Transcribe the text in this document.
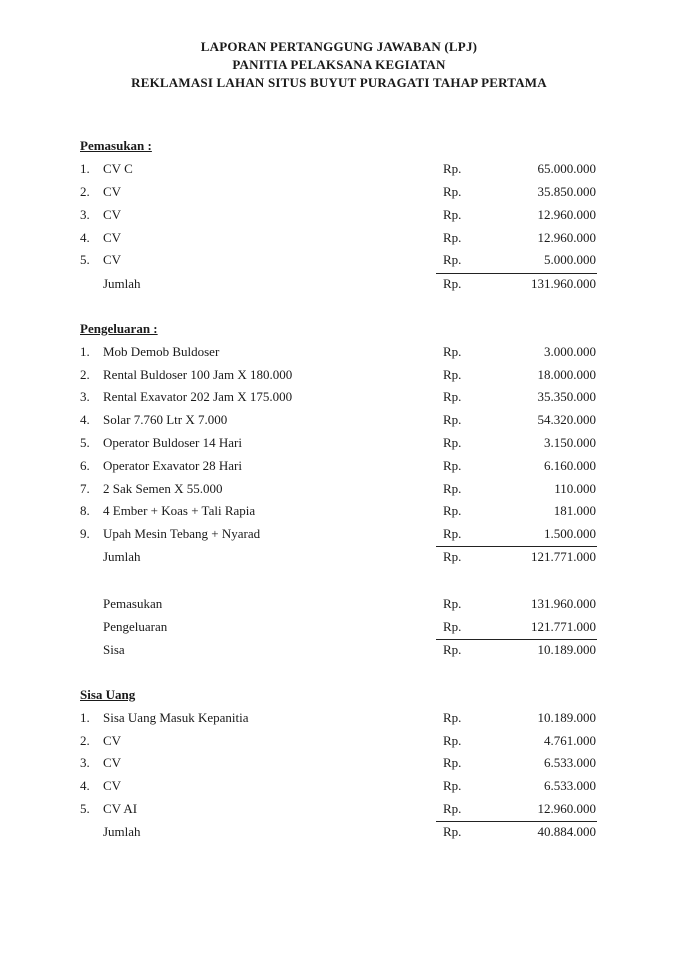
LAPORAN PERTANGGUNG JAWABAN (LPJ)
PANITIA PELAKSANA KEGIATAN
REKLAMASI LAHAN SITUS BUYUT PURAGATI TAHAP PERTAMA
Pemasukan :
1. CV C	Rp.	65.000.000
2. CV	Rp.	35.850.000
3. CV	Rp.	12.960.000
4. CV	Rp.	12.960.000
5. CV	Rp.	5.000.000
Jumlah	Rp.	131.960.000
Pengeluaran :
1. Mob Demob Buldoser	Rp.	3.000.000
2. Rental Buldoser 100 Jam X 180.000	Rp.	18.000.000
3. Rental Exavator 202 Jam X 175.000	Rp.	35.350.000
4. Solar 7.760 Ltr X 7.000	Rp.	54.320.000
5. Operator Buldoser 14 Hari	Rp.	3.150.000
6. Operator Exavator 28 Hari	Rp.	6.160.000
7. 2 Sak Semen X 55.000	Rp.	110.000
8. 4 Ember + Koas + Tali Rapia	Rp.	181.000
9. Upah Mesin Tebang + Nyarad	Rp.	1.500.000
Jumlah	Rp.	121.771.000
Pemasukan	Rp.	131.960.000
Pengeluaran	Rp.	121.771.000
Sisa	Rp.	10.189.000
Sisa Uang
1. Sisa Uang Masuk Kepanitia	Rp.	10.189.000
2. CV	Rp.	4.761.000
3. CV	Rp.	6.533.000
4. CV	Rp.	6.533.000
5. CV AI	Rp.	12.960.000
Jumlah	Rp.	40.884.000
